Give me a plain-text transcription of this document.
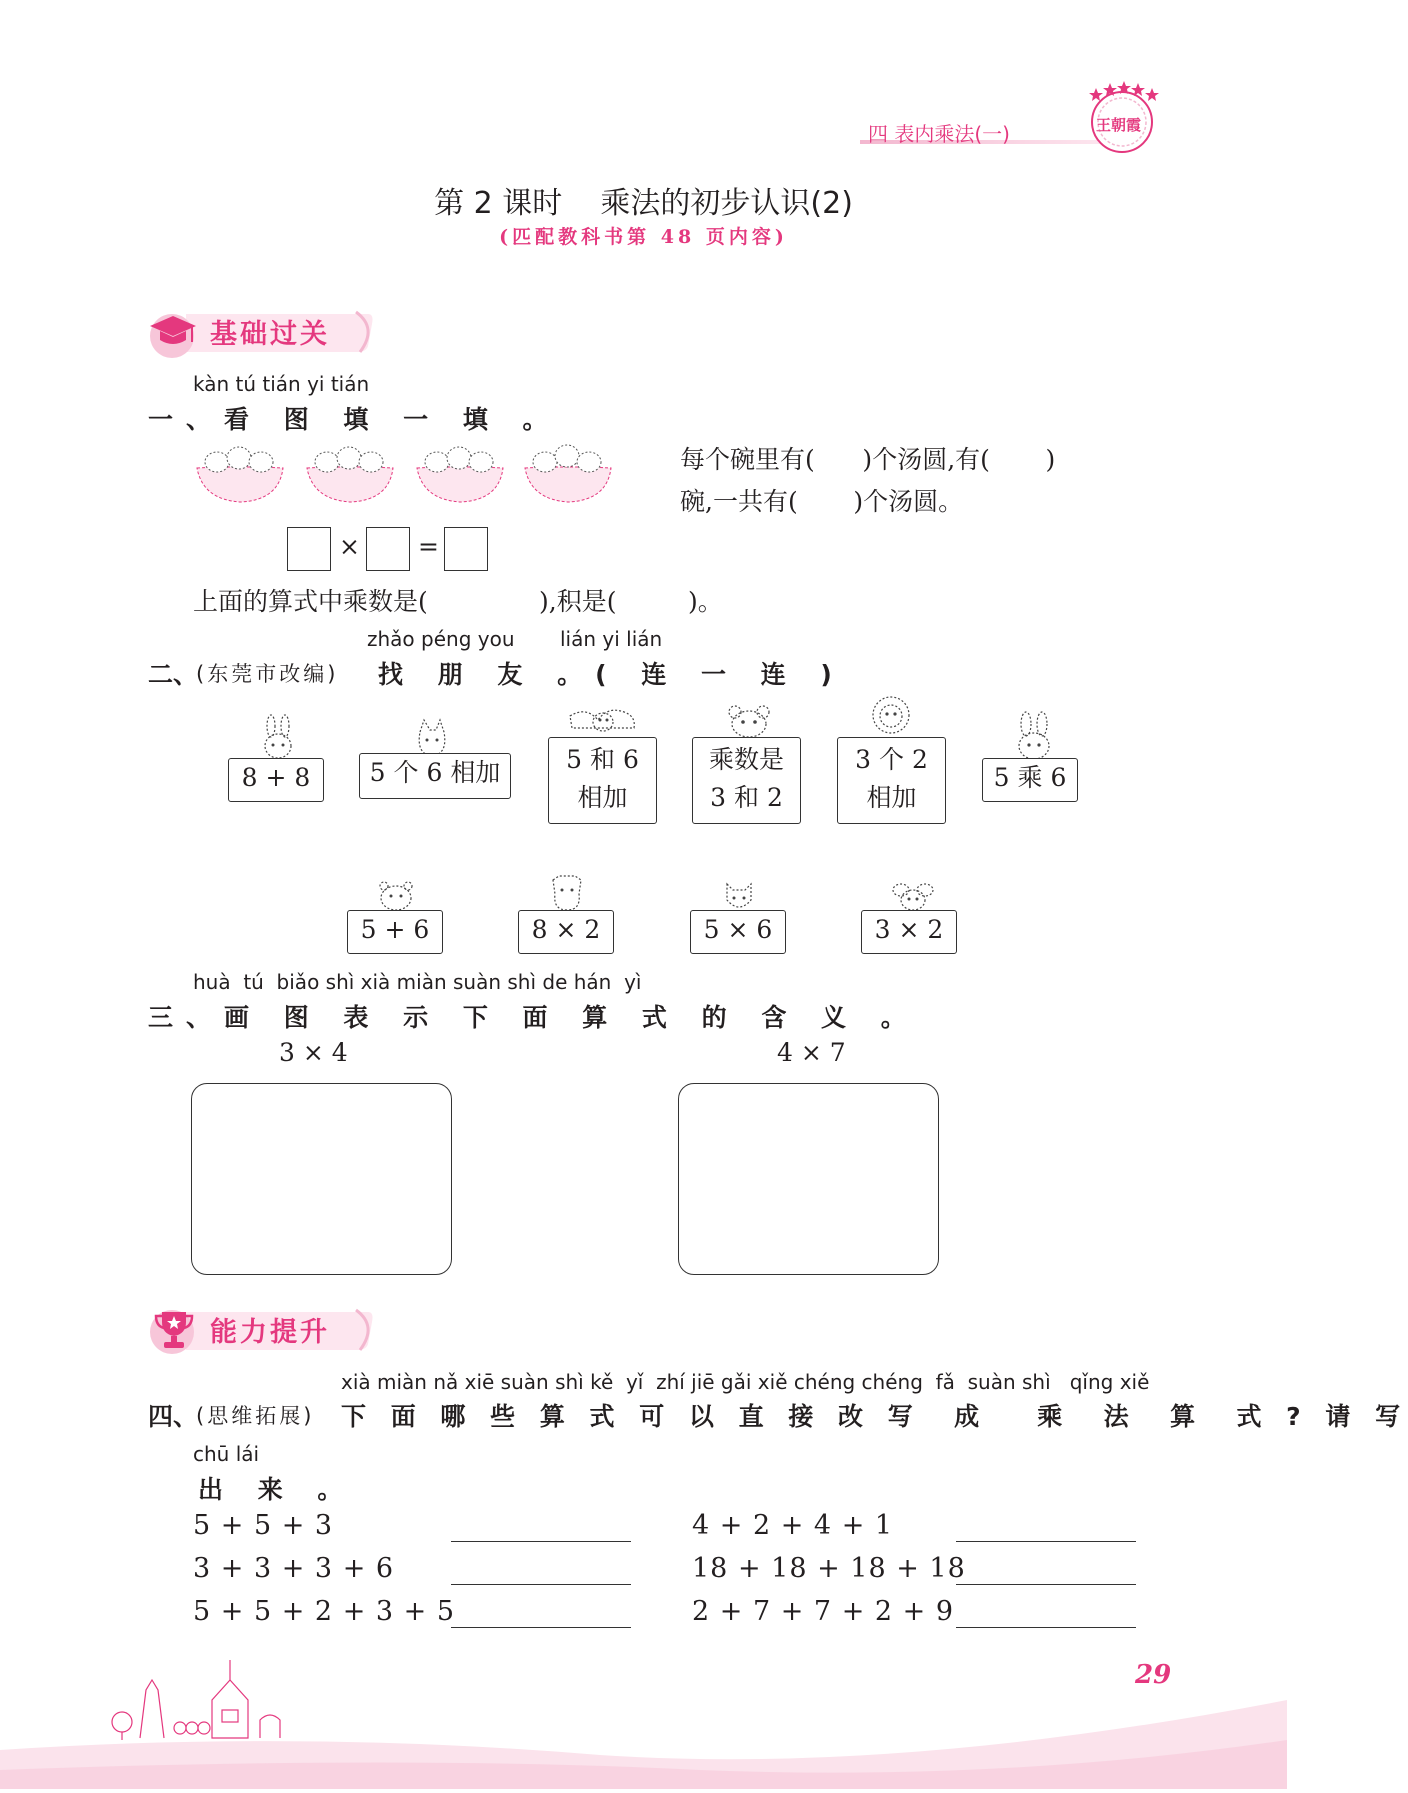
四 表内乘法(一)	王朝霞
第 2 课时    乘法的初步认识(2)
(匹配教科书第 48 页内容)
基础过关
kàn tú tián yi tián
一、看 图 填 一 填 。
每个碗里有(      )个汤圆,有(       )
碗,一共有(       )个汤圆。
× =
上面的算式中乘数是(              ),积是(         )。
zhǎo péng you lián yi lián
二、
(东莞市改编) 找 朋 友 。( 连 一 连 )
8 + 8	5 个 6 相加	5 和 6
相加
乘数是
3 和 2
3 个 2
相加
5 乘 6
5 + 6	8 × 2	5 × 6	3 × 2
huà  tú  biǎo shì xià miàn suàn shì de hán  yì
三、画 图 表 示 下 面 算 式 的 含 义 。
3 × 4	4 × 7
能力提升
xià miàn nǎ xiē suàn shì kě  yǐ  zhí jiē gǎi xiě chéng chéng  fǎ  suàn shì   qǐng xiě
四、
(思维拓展) 下 面 哪 些 算 式 可 以 直 接 改 写  成   乘  法  算  式 ? 请 写
chū lái
出 来 。
5 + 5 + 3	4 + 2 + 4 + 1
3 + 3 + 3 + 6	18 + 18 + 18 + 18
5 + 5 + 2 + 3 + 5	2 + 7 + 7 + 2 + 9
29
